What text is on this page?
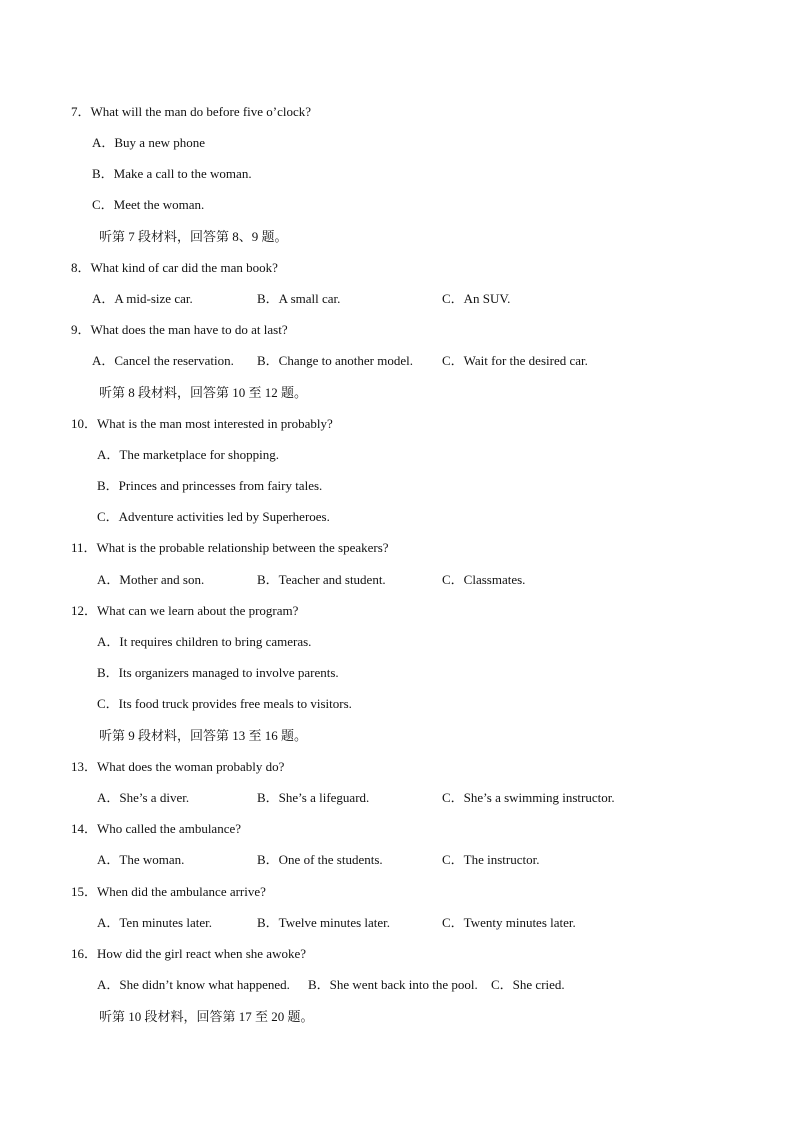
7．What will the man do before five o’clock?
A．Buy a new phone
B．Make a call to the woman.
C．Meet the woman.
听第 7 段材料，回答第 8、9 题。
8．What kind of car did the man book?
A．A mid-size car.	B．A small car.	C．An SUV.
9．What does the man have to do at last?
A．Cancel the reservation. B．Change to another model. C．Wait for the desired car.
听第 8 段材料，回答第 10 至 12 题。
10．What is the man most interested in probably?
A．The marketplace for shopping.
B．Princes and princesses from fairy tales.
C．Adventure activities led by Superheroes.
11．What is the probable relationship between the speakers?
A．Mother and son.	B．Teacher and student.	C．Classmates.
12．What can we learn about the program?
A．It requires children to bring cameras.
B．Its organizers managed to involve parents.
C．Its food truck provides free meals to visitors.
听第 9 段材料，回答第 13 至 16 题。
13．What does the woman probably do?
A．She’s a diver.	B．She’s a lifeguard.	C．She’s a swimming instructor.
14．Who called the ambulance?
A．The woman.	B．One of the students.	C．The instructor.
15．When did the ambulance arrive?
A．Ten minutes later.	B．Twelve minutes later.	C．Twenty minutes later.
16．How did the girl react when she awoke?
A．She didn’t know what happened. B．She went back into the pool. C．She cried.
听第 10 段材料，回答第 17 至 20 题。
